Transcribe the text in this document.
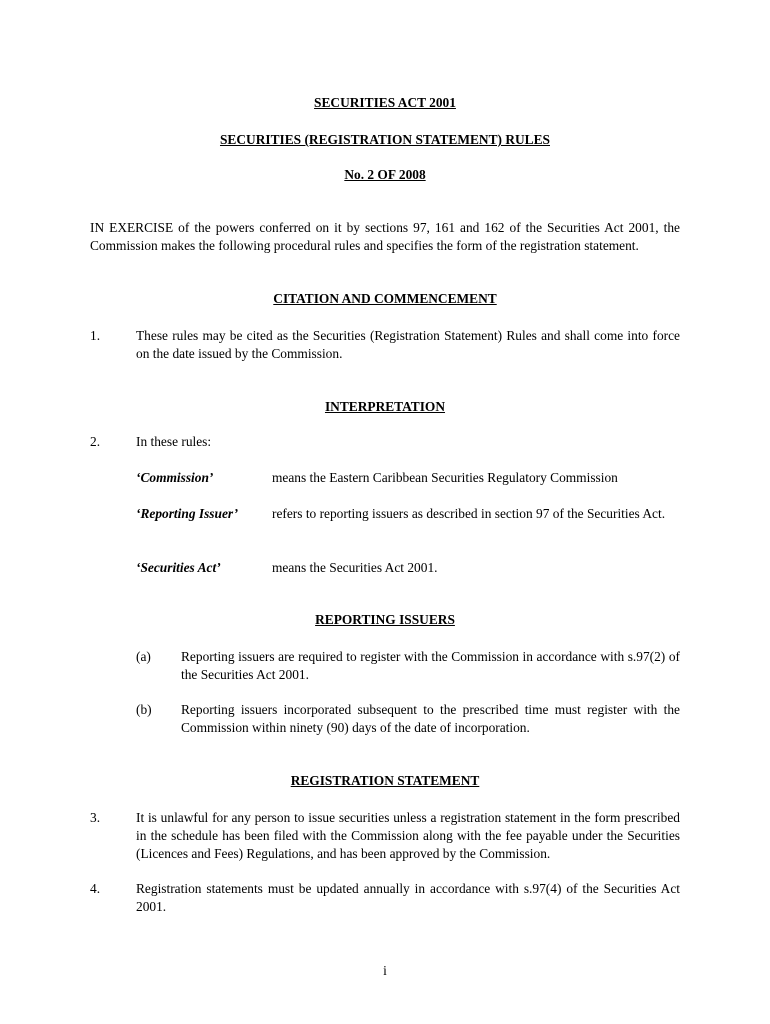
SECURITIES ACT 2001
SECURITIES (REGISTRATION STATEMENT) RULES
No. 2 OF 2008
IN EXERCISE of the powers conferred on it by sections 97, 161 and 162 of the Securities Act 2001, the Commission makes the following procedural rules and specifies the form of the registration statement.
CITATION AND COMMENCEMENT
1.	These rules may be cited as the Securities (Registration Statement) Rules and shall come into force on the date issued by the Commission.
INTERPRETATION
2.	In these rules:
‘Commission’	means the Eastern Caribbean Securities Regulatory Commission
‘Reporting Issuer’	refers to reporting issuers as described in section 97 of the Securities Act.
‘Securities Act’	means the Securities Act 2001.
REPORTING ISSUERS
(a) Reporting issuers are required to register with the Commission in accordance with s.97(2) of the Securities Act 2001.
(b) Reporting issuers incorporated subsequent to the prescribed time must register with the Commission within ninety (90) days of the date of incorporation.
REGISTRATION STATEMENT
3.	It is unlawful for any person to issue securities unless a registration statement in the form prescribed in the schedule has been filed with the Commission along with the fee payable under the Securities (Licences and Fees) Regulations, and has been approved by the Commission.
4.	Registration statements must be updated annually in accordance with s.97(4) of the Securities Act 2001.
i
